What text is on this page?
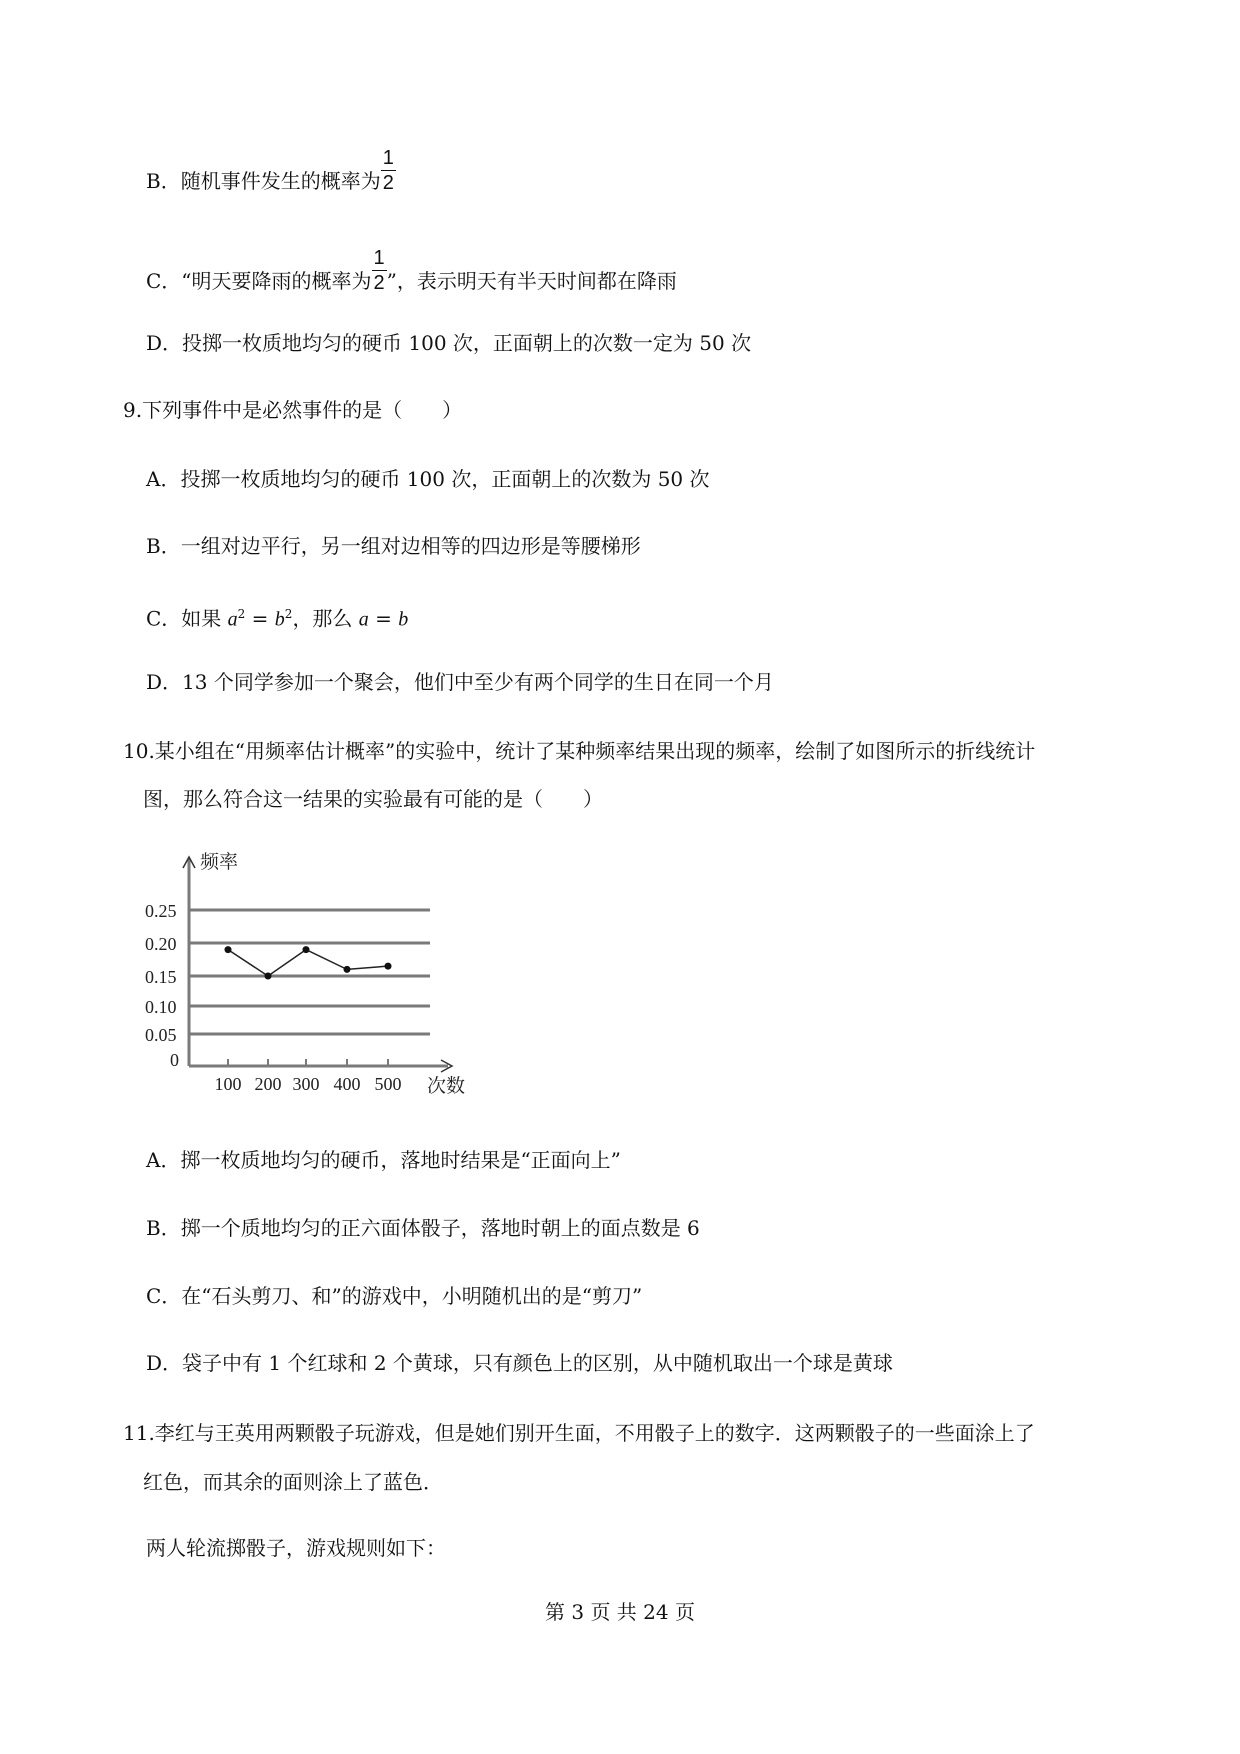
B．随机事件发生的概率为 $\frac{1}{2}$
C．“明天要降雨的概率为 $\frac{1}{2}$ ”，表示明天有半天时间都在降雨
D．投掷一枚质地均匀的硬币 100 次，正面朝上的次数一定为 50 次
9.下列事件中是必然事件的是（　　）
A．投掷一枚质地均匀的硬币 100 次，正面朝上的次数为 50 次
B．一组对边平行，另一组对边相等的四边形是等腰梯形
C．如果 $a^2 = b^2$，那么 a = b
D．13 个同学参加一个聚会，他们中至少有两个同学的生日在同一个月
10.某小组在“用频率估计概率”的实验中，统计了某种频率结果出现的频率，绘制了如图所示的折线统计
图，那么符合这一结果的实验最有可能的是（　　）
0
0.05
0.10
0.15
0.20
0.25
100 200 300 400 500
频率
次数
A．掷一枚质地均匀的硬币，落地时结果是“正面向上”
B．掷一个质地均匀的正六面体骰子，落地时朝上的面点数是 6
C．在“石头剪刀、和”的游戏中，小明随机出的是“剪刀”
D．袋子中有 1 个红球和 2 个黄球，只有颜色上的区别，从中随机取出一个球是黄球
11.李红与王英用两颗骰子玩游戏，但是她们别开生面，不用骰子上的数字．这两颗骰子的一些面涂上了
红色，而其余的面则涂上了蓝色．
两人轮流掷骰子，游戏规则如下：
第 3 页 共 24 页
